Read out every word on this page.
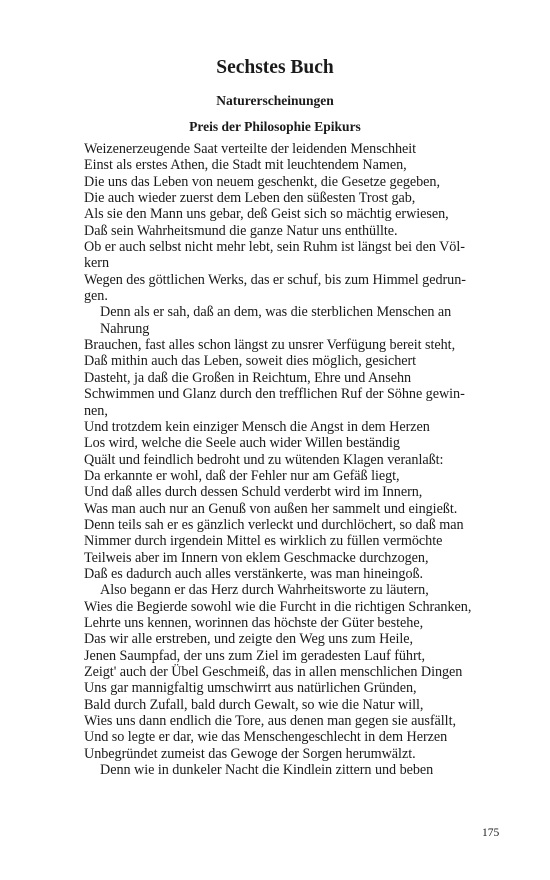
Sechstes Buch
Naturerscheinungen
Preis der Philosophie Epikurs
Weizenerzeugende Saat verteilte der leidenden Menschheit
Einst als erstes Athen, die Stadt mit leuchtendem Namen,
Die uns das Leben von neuem geschenkt, die Gesetze gegeben,
Die auch wieder zuerst dem Leben den süßesten Trost gab,
Als sie den Mann uns gebar, deß Geist sich so mächtig erwiesen,
Daß sein Wahrheitsmund die ganze Natur uns enthüllte.
Ob er auch selbst nicht mehr lebt, sein Ruhm ist längst bei den Völ-
kern
Wegen des göttlichen Werks, das er schuf, bis zum Himmel gedrun-
gen.
Denn als er sah, daß an dem, was die sterblichen Menschen an
Nahrung
Brauchen, fast alles schon längst zu unsrer Verfügung bereit steht,
Daß mithin auch das Leben, soweit dies möglich, gesichert
Dasteht, ja daß die Großen in Reichtum, Ehre und Ansehn
Schwimmen und Glanz durch den trefflichen Ruf der Söhne gewin-
nen,
Und trotzdem kein einziger Mensch die Angst in dem Herzen
Los wird, welche die Seele auch wider Willen beständig
Quält und feindlich bedroht und zu wütenden Klagen veranlaßt:
Da erkannte er wohl, daß der Fehler nur am Gefäß liegt,
Und daß alles durch dessen Schuld verderbt wird im Innern,
Was man auch nur an Genuß von außen her sammelt und eingießt.
Denn teils sah er es gänzlich verleckt und durchlöchert, so daß man
Nimmer durch irgendein Mittel es wirklich zu füllen vermöchte
Teilweis aber im Innern von eklem Geschmacke durchzogen,
Daß es dadurch auch alles verstänkerte, was man hineingoß.
Also begann er das Herz durch Wahrheitsworte zu läutern,
Wies die Begierde sowohl wie die Furcht in die richtigen Schranken,
Lehrte uns kennen, worinnen das höchste der Güter bestehe,
Das wir alle erstreben, und zeigte den Weg uns zum Heile,
Jenen Saumpfad, der uns zum Ziel im geradesten Lauf führt,
Zeigt' auch der Übel Geschmeiß, das in allen menschlichen Dingen
Uns gar mannigfaltig umschwirrt aus natürlichen Gründen,
Bald durch Zufall, bald durch Gewalt, so wie die Natur will,
Wies uns dann endlich die Tore, aus denen man gegen sie ausfällt,
Und so legte er dar, wie das Menschengeschlecht in dem Herzen
Unbegründet zumeist das Gewoge der Sorgen herumwälzt.
Denn wie in dunkeler Nacht die Kindlein zittern und beben
175
